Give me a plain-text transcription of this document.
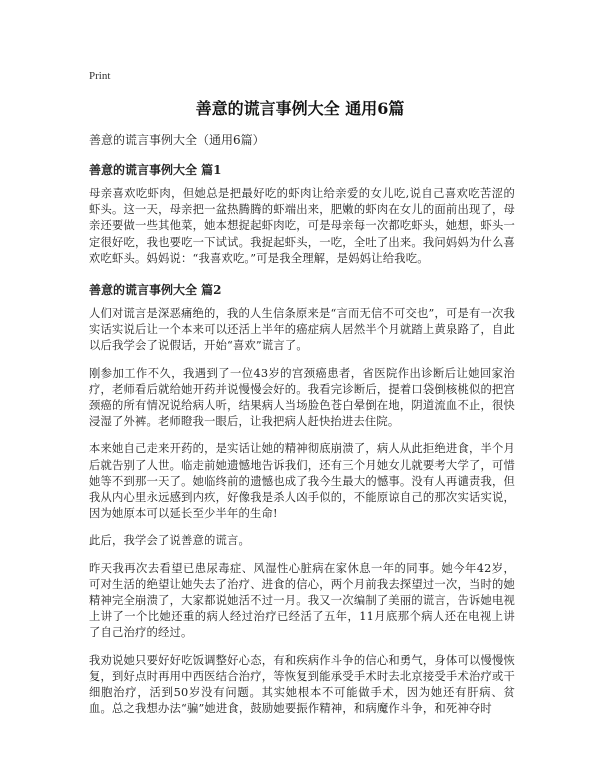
Print
善意的谎言事例大全 通用6篇

善意的谎言事例大全（通用6篇）

善意的谎言事例大全 篇1

母亲喜欢吃虾肉，但她总是把最好吃的虾肉让给亲爱的女儿吃,说自己喜欢吃苦涩的虾头。这一天，母亲把一盆热腾腾的虾端出来，肥嫩的虾肉在女儿的面前出现了，母亲还要做一些其他菜，她本想捉起虾肉吃，可是母亲每一次都吃虾头，她想，虾头一定很好吃，我也要吃一下试试。我捉起虾头，一吃，全吐了出来。我问妈妈为什么喜欢吃虾头。妈妈说：“我喜欢吃。”可是我全理解，是妈妈让给我吃。

善意的谎言事例大全 篇2

人们对谎言是深恶痛绝的，我的人生信条原来是“言而无信不可交也”，可是有一次我实话实说后让一个本来可以还活上半年的癌症病人居然半个月就踏上黄泉路了，自此以后我学会了说假话，开始“喜欢”谎言了。

刚参加工作不久，我遇到了一位43岁的宫颈癌患者，省医院作出诊断后让她回家治疗，老师看后就给她开药并说慢慢会好的。我看完诊断后，提着口袋倒核桃似的把宫颈癌的所有情况说给病人听，结果病人当场脸色苍白晕倒在地，阴道流血不止，很快浸湿了外裤。老师瞪我一眼后，让我把病人赶快抬进去住院。

本来她自己走来开药的，是实话让她的精神彻底崩溃了，病人从此拒绝进食，半个月后就告别了人世。临走前她遗憾地告诉我们，还有三个月她女儿就要考大学了，可惜她等不到那一天了。她临终前的遗憾也成了我今生最大的憾事。没有人再谴责我，但我从内心里永远感到内疚，好像我是杀人凶手似的，不能原谅自己的那次实话实说，因为她原本可以延长至少半年的生命!

此后，我学会了说善意的谎言。

昨天我再次去看望已患尿毒症、风湿性心脏病在家休息一年的同事。她今年42岁，可对生活的绝望让她失去了治疗、进食的信心，两个月前我去探望过一次，当时的她精神完全崩溃了，大家都说她活不过一月。我又一次编制了美丽的谎言，告诉她电视上讲了一个比她还重的病人经过治疗已经活了五年，11月底那个病人还在电视上讲了自己治疗的经过。

我劝说她只要好好吃饭调整好心态，有和疾病作斗争的信心和勇气，身体可以慢慢恢复，到好点时再用中西医结合治疗，等恢复到能承受手术时去北京接受手术治疗或干细胞治疗，活到50岁没有问题。其实她根本不可能做手术，因为她还有肝病、贫血。总之我想办法“骗”她进食，鼓励她要振作精神，和病魔作斗争，和死神夺时
